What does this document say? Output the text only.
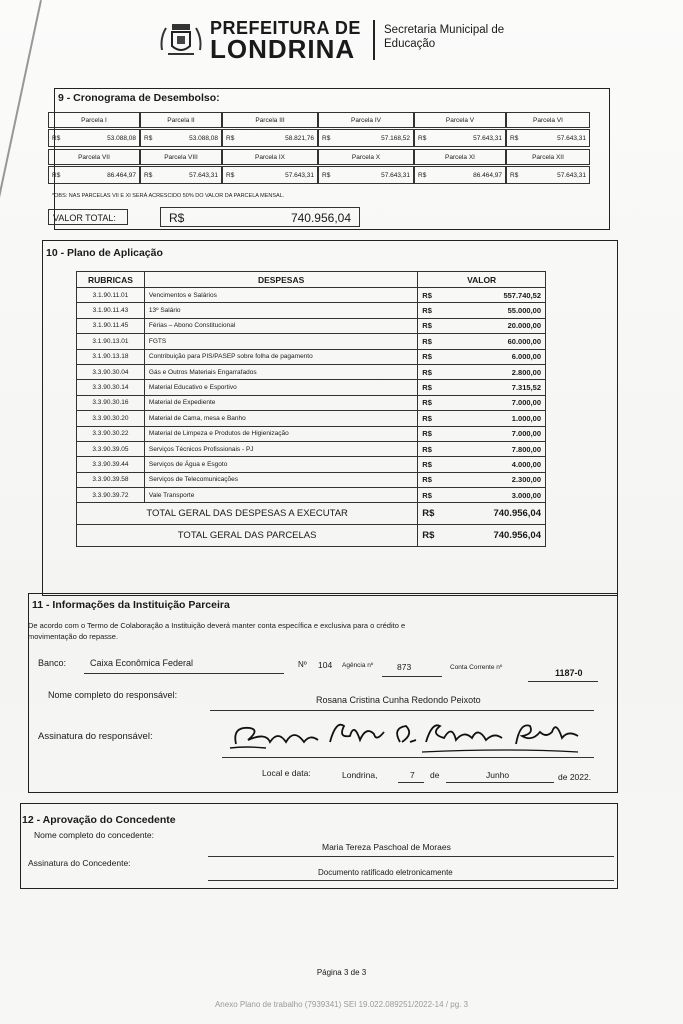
PREFEITURA DE
LONDRINA
Secretaria Municipal de
Educação
9 - Cronograma de Desembolso:
Parcela I	Parcela II	Parcela III	Parcela IV	Parcela V	Parcela VI
R$	53.088,08 R$	53.088,08 R$	58.821,76 R$	57.168,52 R$	57.643,31 R$	57.643,31
Parcela VII	Parcela VIII	Parcela IX	Parcela X	Parcela XI	Parcela XII
R$	86.464,97 R$	57.643,31 R$	57.643,31 R$	57.643,31 R$	86.464,97 R$	57.643,31
*OBS: NAS PARCELAS VII E XI SERÁ ACRESCIDO 50% DO VALOR DA PARCELA MENSAL.
VALOR TOTAL:	R$	740.956,04
10 - Plano de Aplicação
RUBRICAS	DESPESAS	VALOR	
3.1.90.11.01	Vencimentos e Salários	R$	557.740,52
3.1.90.11.43	13º Salário	R$	55.000,00
3.1.90.11.45	Férias – Abono Constitucional	R$	20.000,00
3.1.90.13.01	FGTS	R$	60.000,00
3.1.90.13.18	Contribuição para PIS/PASEP sobre folha de pagamento	R$	6.000,00
3.3.90.30.04	Gás e Outros Materiais Engarrafados	R$	2.800,00
3.3.90.30.14	Material Educativo e Esportivo	R$	7.315,52
3.3.90.30.16	Material de Expediente	R$	7.000,00
3.3.90.30.20	Material de Cama, mesa e Banho	R$	1.000,00
3.3.90.30.22	Material de Limpeza e Produtos de Higienização	R$	7.000,00
3.3.90.39.05	Serviços Técnicos Profissionais - PJ	R$	7.800,00
3.3.90.39.44	Serviços de Água e Esgoto	R$	4.000,00
3.3.90.39.58	Serviços de Telecomunicações	R$	2.300,00
3.3.90.39.72	Vale Transporte	R$	3.000,00
TOTAL GERAL DAS DESPESAS A EXECUTAR		R$	740.956,04
TOTAL GERAL DAS PARCELAS		R$	740.956,04
11 - Informações da Instituição Parceira
De acordo com o Termo de Colaboração a Instituição deverá manter conta específica e exclusiva para o crédito e
movimentação do repasse.
Banco:	Caixa Econômica Federal	Nº 104 Agência nº	873	Conta Corrente nº
1187-0
Nome completo do responsável:	Rosana Cristina Cunha Redondo Peixoto
Assinatura do responsável:
Local e data:	Londrina,	7 de	Junho	de 2022.
12 - Aprovação do Concedente
Nome completo do concedente:
Maria Tereza Paschoal de Moraes
Assinatura do Concedente:
Documento ratificado eletronicamente
Página 3 de 3
Anexo Plano de trabalho (7939341) SEI 19.022.089251/2022-14 / pg. 3
